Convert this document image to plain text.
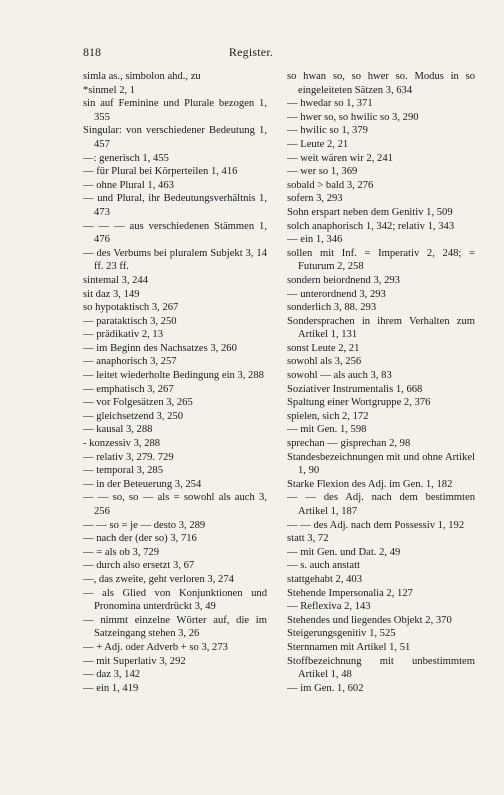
818	Register.
simla as., simbolon ahd., zu
*sinmel 2, 1
sin auf Feminine und Plurale bezogen 1, 355
Singular: von verschiedener Bedeutung 1, 457
—: generisch 1, 455
— für Plural bei Körperteilen 1, 416
— ohne Plural 1, 463
— und Plural, ihr Bedeutungsverhältnis 1, 473
— — — aus verschiedenen Stämmen 1, 476
— des Verbums bei pluralem Subjekt 3, 14 ff. 23 ff.
sintemal 3, 244
sit daz 3, 149
so hypotaktisch 3, 267
— parataktisch 3, 250
— prädikativ 2, 13
— im Beginn des Nachsatzes 3, 260
— anaphorisch 3, 257
— leitet wiederholte Bedingung ein 3, 288
— emphatisch 3, 267
— vor Folgesätzen 3, 265
— gleichsetzend 3, 250
— kausal 3, 288
- konzessiv 3, 288
— relativ 3, 279. 729
— temporal 3, 285
— in der Beteuerung 3, 254
— — so, so — als = sowohl als auch 3, 256
— — so = je — desto 3, 289
— nach der (der so) 3, 716
— = als ob 3, 729
— durch also ersetzt 3, 67
—, das zweite, geht verloren 3, 274
— als Glied von Konjunktionen und Pronomina unterdrückt 3, 49
— nimmt einzelne Wörter auf, die im Satzeingang stehen 3, 26
— + Adj. oder Adverb + so 3, 273
— mit Superlativ 3, 292
— daz 3, 142
— ein 1, 419
so hwan so, so hwer so. Modus in so eingeleiteten Sätzen 3, 634
— hwedar so 1, 371
— hwer so, so hwilic so 3, 290
— hwilic so 1, 379
— Leute 2, 21
— weit wären wir 2, 241
— wer so 1, 369
sobald > bald 3, 276
sofern 3, 293
Sohn erspart neben dem Genitiv 1, 509
solch anaphorisch 1, 342; relativ 1, 343
— ein 1, 346
sollen mit Inf. = Imperativ 2, 248; = Futurum 2, 258
sondern beiordnend 3, 293
— unterordnend 3, 293
sonderlich 3, 88. 293
Sondersprachen in ihrem Verhalten zum Artikel 1, 131
sonst Leute 2, 21
sowohl als 3, 256
sowohl — als auch 3, 83
Soziativer Instrumentalis 1, 668
Spaltung einer Wortgruppe 2, 376
spielen, sich 2, 172
— mit Gen. 1, 598
sprechan — gisprechan 2, 98
Standesbezeichnungen mit und ohne Artikel 1, 90
Starke Flexion des Adj. im Gen. 1, 182
— — des Adj. nach dem bestimmten Artikel 1, 187
— — des Adj. nach dem Possessiv 1, 192
statt 3, 72
— mit Gen. und Dat. 2, 49
— s. auch anstatt
stattgehabt 2, 403
Stehende Impersonalia 2, 127
— Reflexiva 2, 143
Stehendes und liegendes Objekt 2, 370
Steigerungsgenitiv 1, 525
Sternnamen mit Artikel 1, 51
Stoffbezeichnung mit unbestimmtem Artikel 1, 48
— im Gen. 1, 602
